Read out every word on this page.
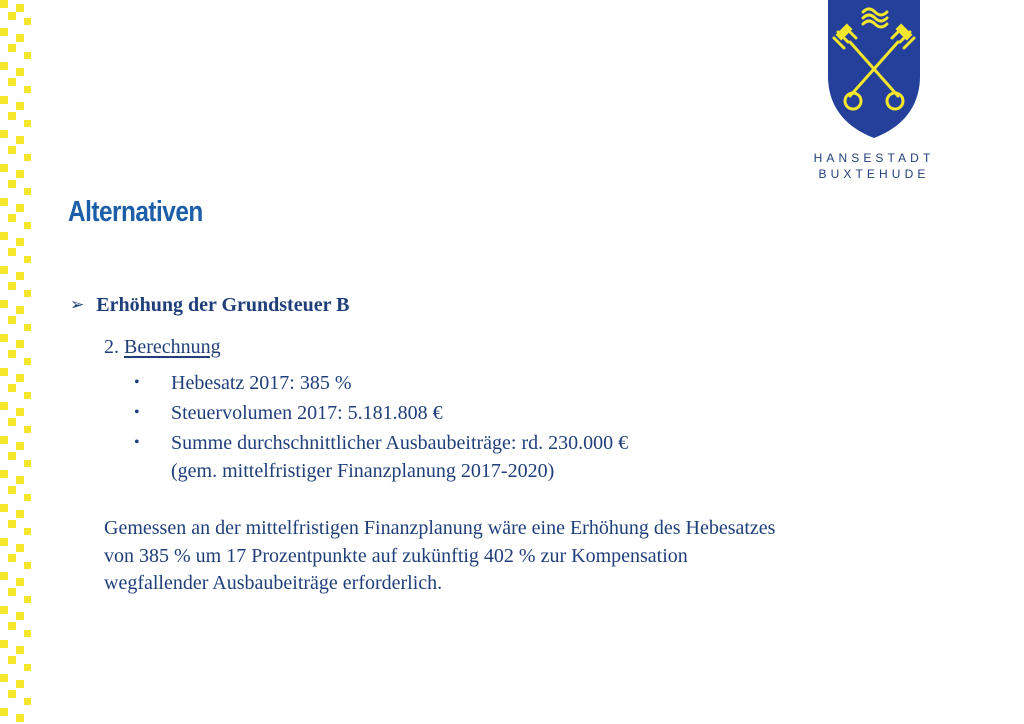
HANSESTADT
BUXTEHUDE
Alternativen
➢ Erhöhung der Grundsteuer B
2. Berechnung
•	Hebesatz 2017: 385 %
•	Steuervolumen 2017: 5.181.808 €
•	Summe durchschnittlicher Ausbaubeiträge: rd. 230.000 €
(gem. mittelfristiger Finanzplanung 2017-2020)
Gemessen an der mittelfristigen Finanzplanung wäre eine Erhöhung des Hebesatzes
von 385 % um 17 Prozentpunkte auf zukünftig 402 % zur Kompensation
wegfallender Ausbaubeiträge erforderlich.
